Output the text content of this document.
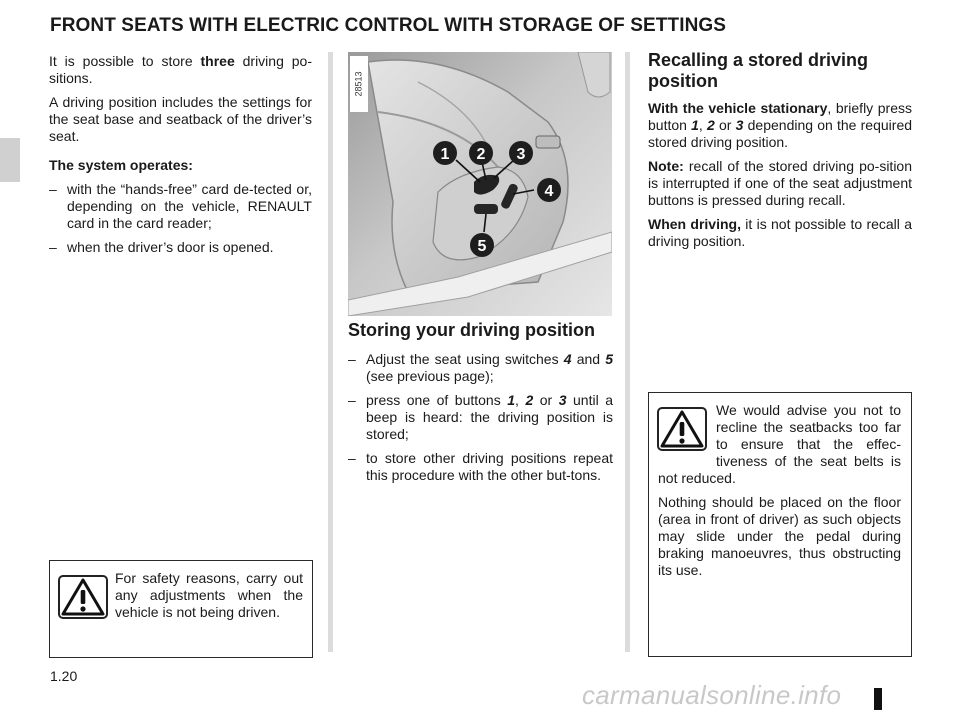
FRONT SEATS WITH ELECTRIC CONTROL WITH STORAGE OF SETTINGS

It is possible to store three driving po-sitions.

A driving position includes the settings for the seat base and seatback of the driver’s seat.

The system operates:

– with the “hands-free” card de-tected or, depending on the vehicle, RENAULT card in the card reader;
– when the driver’s door is opened.

For safety reasons, carry out any adjustments when the vehicle is not being driven.

1 2 3
4
5
28513
Storing your driving position
– Adjust the seat using switches 4 and 5 (see previous page);
– press one of buttons 1, 2 or 3 until a beep is heard: the driving position is stored;
– to store other driving positions repeat this procedure with the other but-tons.
Recalling a stored driving position

With the vehicle stationary, briefly press button 1, 2 or 3 depending on the required stored driving position.

Note: recall of the stored driving po-sition is interrupted if one of the seat adjustment buttons is pressed during recall.

When driving, it is not possible to recall a driving position.

We would advise you not to recline the seatbacks too far to ensure that the effec-tiveness of the seat belts is not reduced.

Nothing should be placed on the floor (area in front of driver) as such objects may slide under the pedal during braking manoeuvres, thus obstructing its use.

1.20
carmanualsonline.info
